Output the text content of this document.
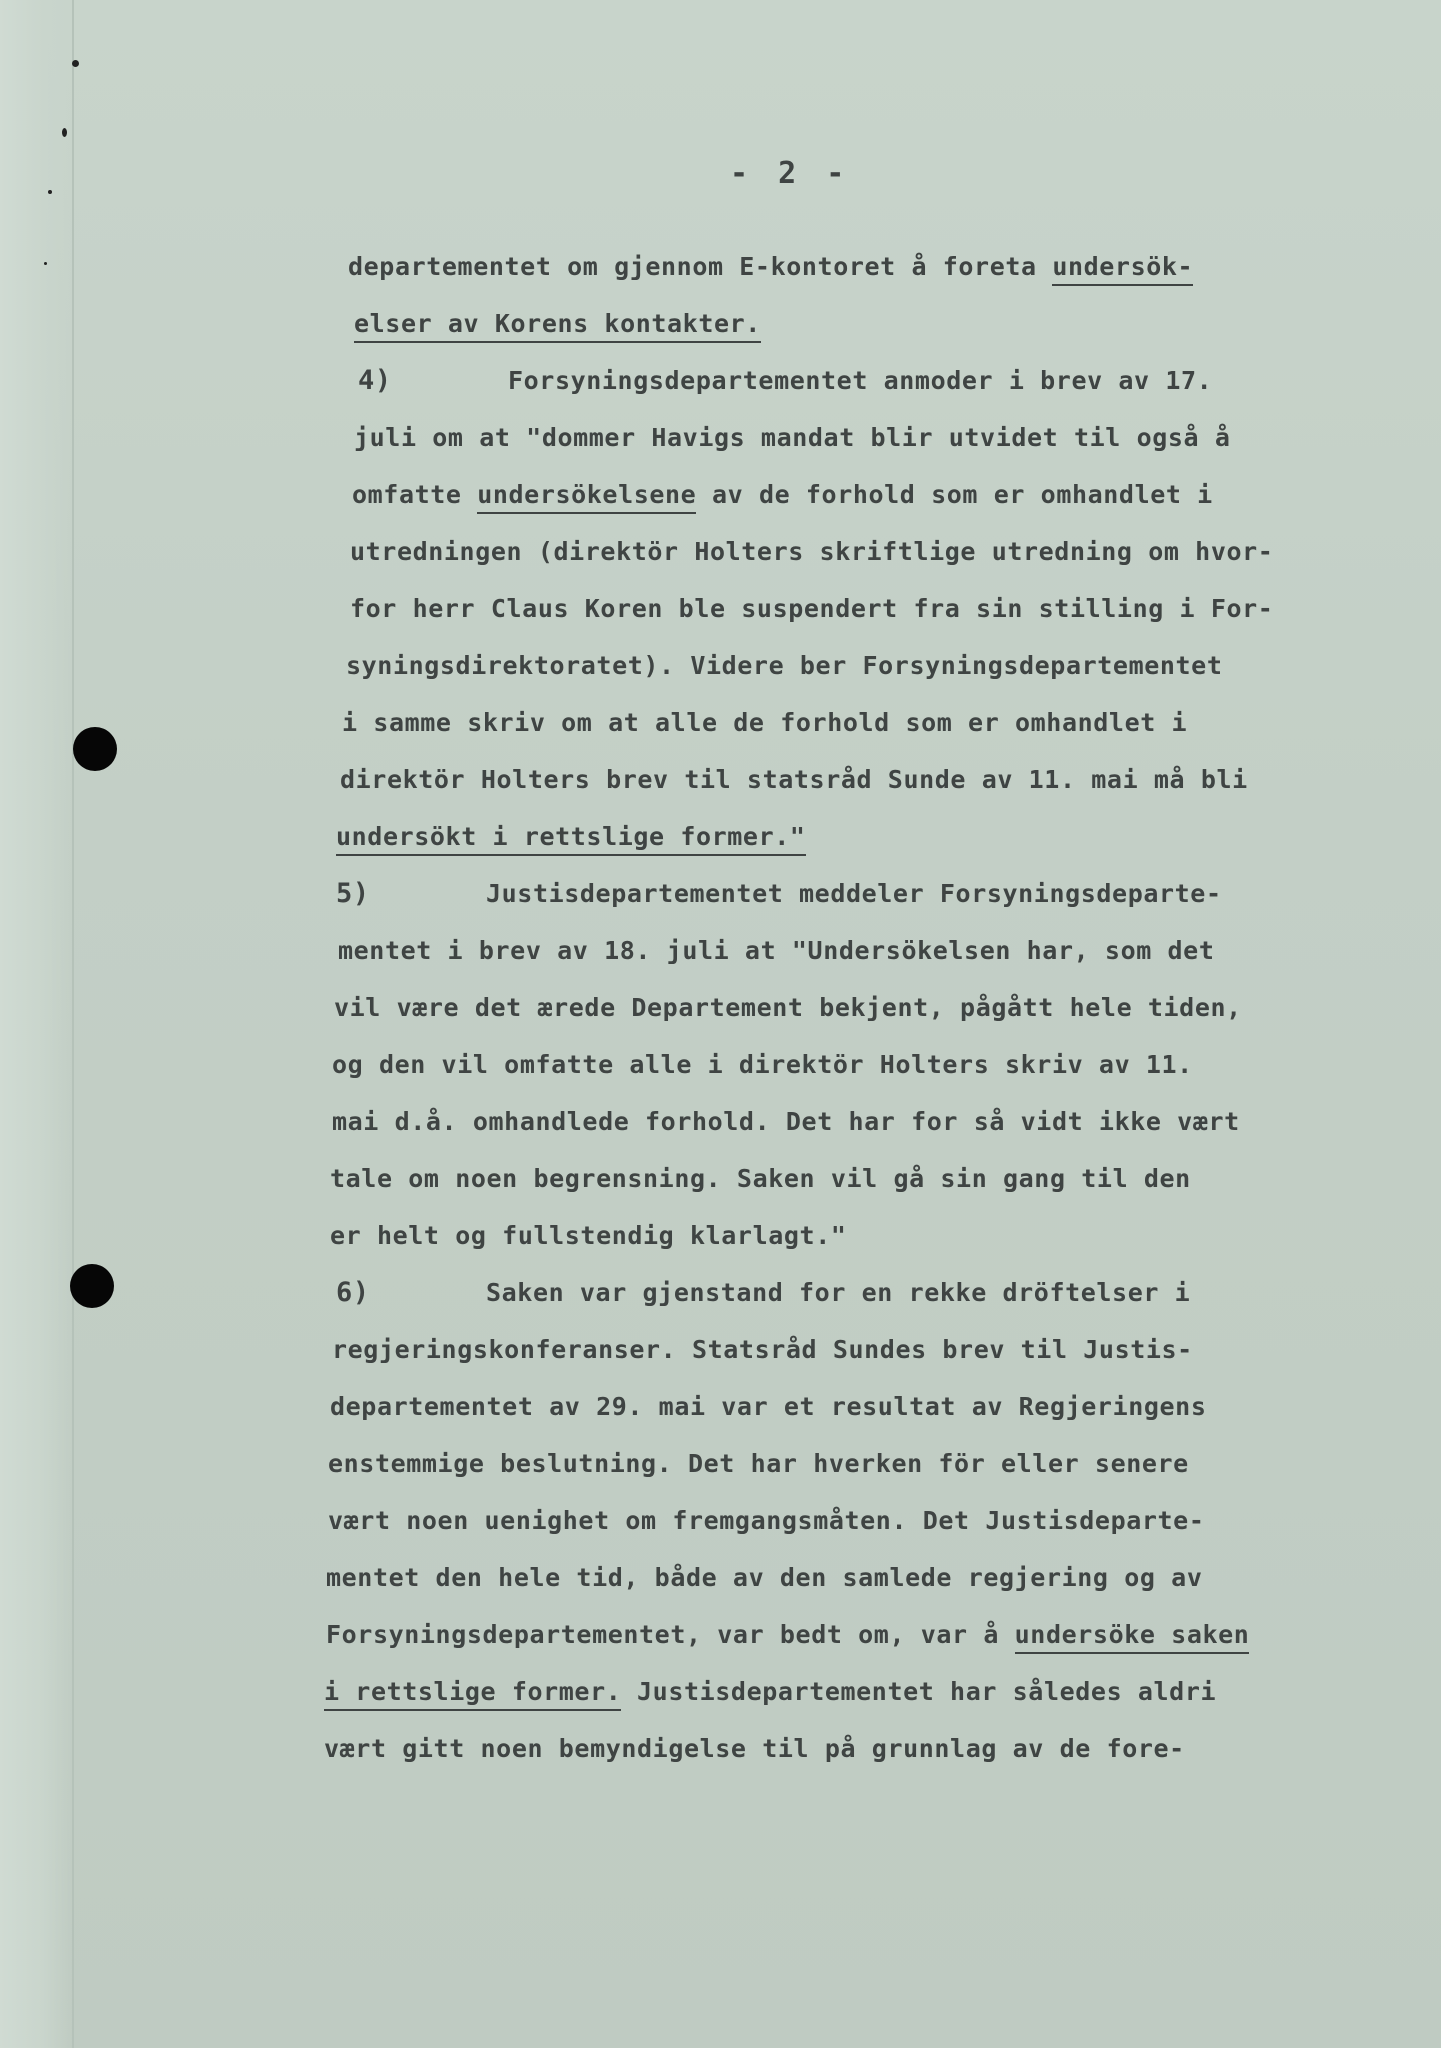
- 2 -
departementet om gjennom E-kontoret å foreta undersök-
elser av Korens kontakter.
4)	Forsyningsdepartementet anmoder i brev av 17.
juli om at "dommer Havigs mandat blir utvidet til også å
omfatte undersökelsene av de forhold som er omhandlet i
utredningen (direktör Holters skriftlige utredning om hvor-
for herr Claus Koren ble suspendert fra sin stilling i For-
syningsdirektoratet). Videre ber Forsyningsdepartementet
i samme skriv om at alle de forhold som er omhandlet i
direktör Holters brev til statsråd Sunde av 11. mai må bli
undersökt i rettslige former."
5)	Justisdepartementet meddeler Forsyningsdeparte-
mentet i brev av 18. juli at "Undersökelsen har, som det
vil være det ærede Departement bekjent, pågått hele tiden,
og den vil omfatte alle i direktör Holters skriv av 11.
mai d.å. omhandlede forhold. Det har for så vidt ikke vært
tale om noen begrensning. Saken vil gå sin gang til den
er helt og fullstendig klarlagt."
6)	Saken var gjenstand for en rekke dröftelser i
regjeringskonferanser. Statsråd Sundes brev til Justis-
departementet av 29. mai var et resultat av Regjeringens
enstemmige beslutning. Det har hverken för eller senere
vært noen uenighet om fremgangsmåten. Det Justisdeparte-
mentet den hele tid, både av den samlede regjering og av
Forsyningsdepartementet, var bedt om, var å undersöke saken
i rettslige former. Justisdepartementet har således aldri
vært gitt noen bemyndigelse til på grunnlag av de fore-
